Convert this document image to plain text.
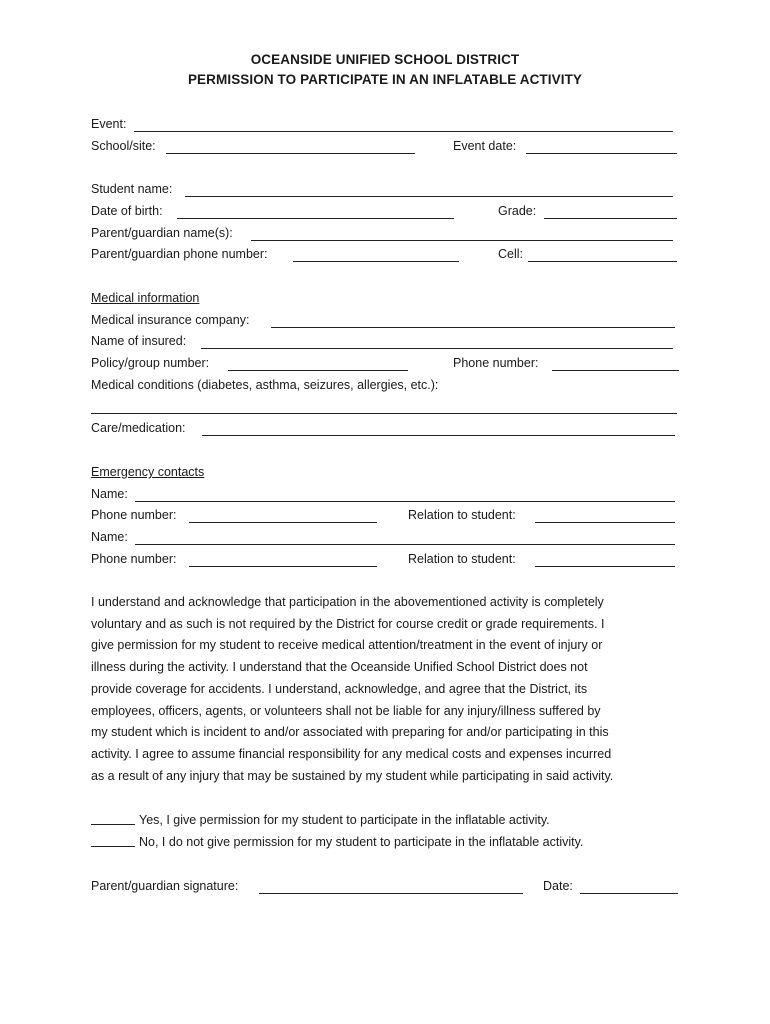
OCEANSIDE UNIFIED SCHOOL DISTRICT
PERMISSION TO PARTICIPATE IN AN INFLATABLE ACTIVITY
Event:
School/site:	Event date:
Student name:
Date of birth:	Grade:
Parent/guardian name(s):
Parent/guardian phone number:	Cell:
Medical information
Medical insurance company:
Name of insured:
Policy/group number:	Phone number:
Medical conditions (diabetes, asthma, seizures, allergies, etc.):
Care/medication:
Emergency contacts
Name:
Phone number:	Relation to student:
Name:
Phone number:	Relation to student:
I understand and acknowledge that participation in the abovementioned activity is completely
voluntary and as such is not required by the District for course credit or grade requirements. I
give permission for my student to receive medical attention/treatment in the event of injury or
illness during the activity. I understand that the Oceanside Unified School District does not
provide coverage for accidents. I understand, acknowledge, and agree that the District, its
employees, officers, agents, or volunteers shall not be liable for any injury/illness suffered by
my student which is incident to and/or associated with preparing for and/or participating in this
activity. I agree to assume financial responsibility for any medical costs and expenses incurred
as a result of any injury that may be sustained by my student while participating in said activity.
Yes, I give permission for my student to participate in the inflatable activity.
No, I do not give permission for my student to participate in the inflatable activity.
Parent/guardian signature:	Date:
